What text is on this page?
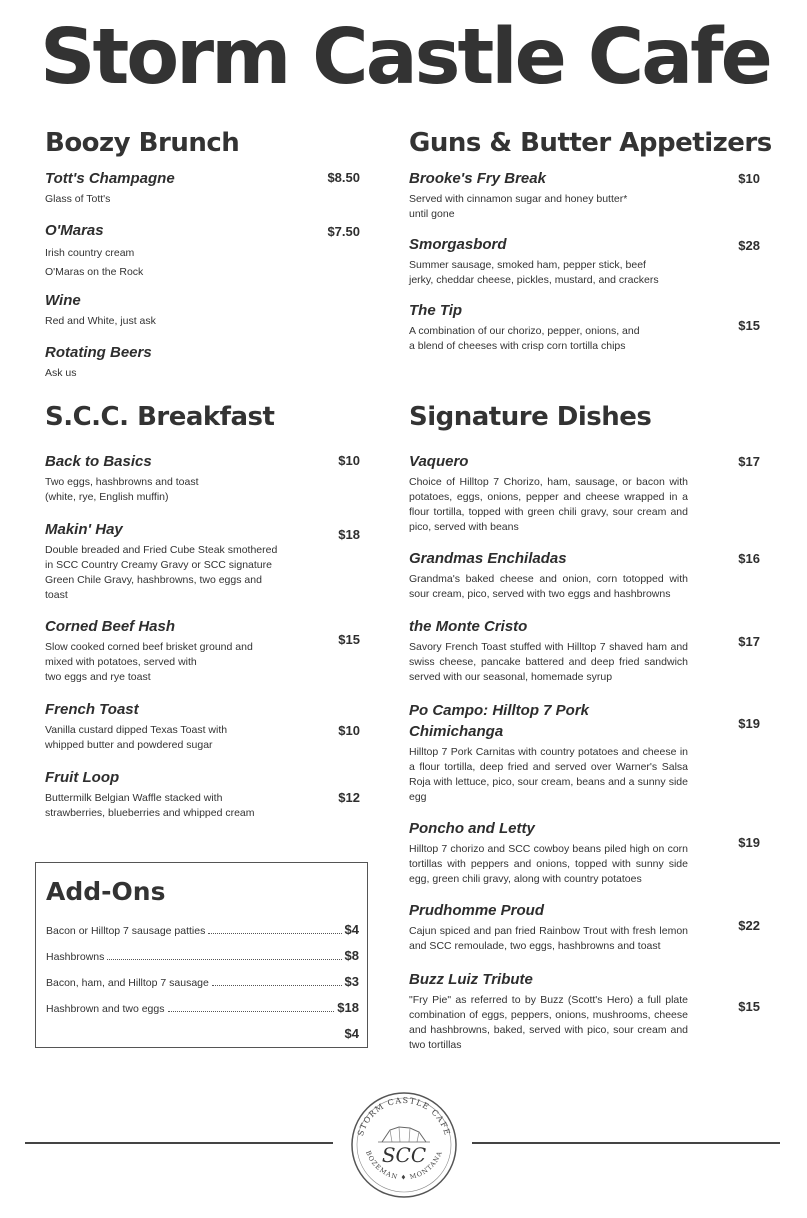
Storm Castle Cafe
Boozy Brunch
Tott's Champagne
Glass of Tott's
$8.50
O'Maras
Irish country cream
O'Maras on the Rock
$7.50
Wine
Red and White, just ask
Rotating Beers
Ask us
Guns & Butter Appetizers
Brooke's Fry Break
Served with cinnamon sugar and honey butter*
until gone
$10
Smorgasbord
Summer sausage, smoked ham, pepper stick, beef
jerky, cheddar cheese, pickles, mustard, and crackers
$28
The Tip
A combination of our chorizo, pepper, onions, and
a blend of cheeses with crisp corn tortilla chips
$15
S.C.C. Breakfast
Back to Basics
Two eggs, hashbrowns and toast
(white, rye, English muffin)
$10
Makin' Hay
Double breaded and Fried Cube Steak smothered
in SCC Country Creamy Gravy or SCC signature
Green Chile Gravy, hashbrowns, two eggs and
toast
$18
Corned Beef Hash
Slow cooked corned beef brisket ground and
mixed with potatoes, served with
two eggs and rye toast
$15
French Toast
Vanilla custard dipped Texas Toast with
whipped butter and powdered sugar
$10
Fruit Loop
Buttermilk Belgian Waffle stacked with
strawberries, blueberries and whipped cream
$12
Signature Dishes
Vaquero
Choice of Hilltop 7 Chorizo, ham, sausage, or bacon with potatoes, eggs, onions, pepper and cheese wrapped in a flour tortilla, topped with green chili gravy, sour cream and pico, served with beans
$17
Grandmas Enchiladas
Grandma's baked cheese and onion, corn totopped with sour cream, pico, served with two eggs and hashbrowns
$16
the Monte Cristo
Savory French Toast stuffed with Hilltop 7 shaved ham and swiss cheese, pancake battered and deep fried sandwich served with our seasonal, homemade syrup
$17
Po Campo: Hilltop 7 Pork Chimichanga
Hilltop 7 Pork Carnitas with country potatoes and cheese in a flour tortilla, deep fried and served over Warner's Salsa Roja with lettuce, pico, sour cream, beans and a sunny side egg
$19
Poncho and Letty
Hilltop 7 chorizo and SCC cowboy beans piled high on corn tortillas with peppers and onions, topped with sunny side egg, green chili gravy, along with country potatoes
$19
Prudhomme Proud
Cajun spiced and pan fried Rainbow Trout with fresh lemon and SCC remoulade, two eggs, hashbrowns and toast
$22
Buzz Luiz Tribute
"Fry Pie" as referred to by Buzz (Scott's Hero) a full plate combination of eggs, peppers, onions, mushrooms, cheese and hashbrowns, baked, served with pico, sour cream and two tortillas
$15
Add-Ons
Bacon or Hilltop 7 sausage patties	$4
Hashbrowns	$8
Bacon, ham, and Hilltop 7 sausage	$3
Hashbrown and two eggs	$18
$4
STORM CASTLE CAFE
BOZEMAN ♦ MONTANA
SCC
